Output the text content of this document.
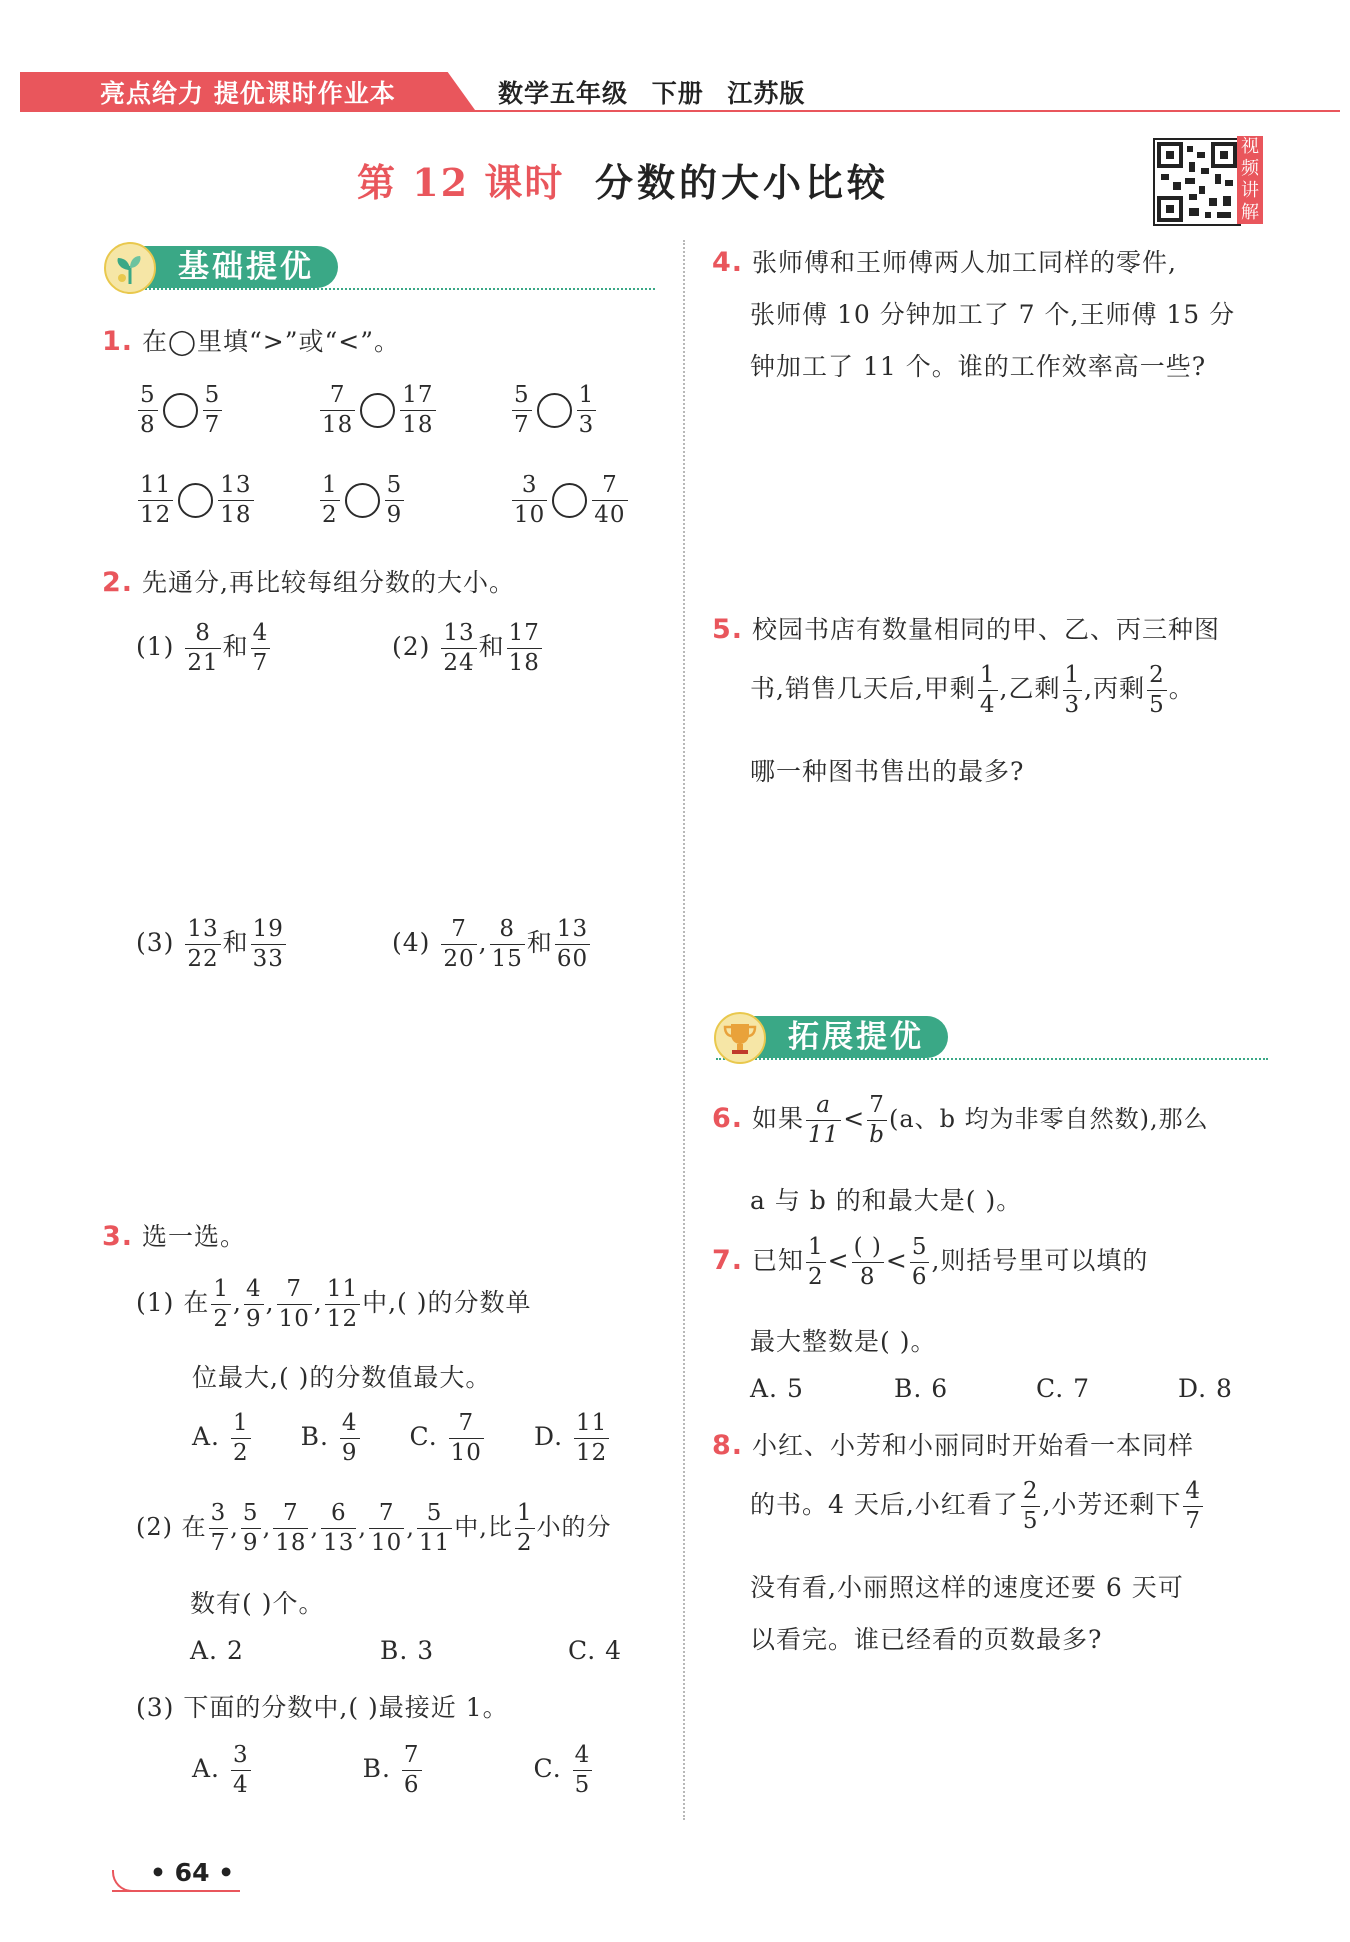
亮点给力 提优课时作业本	数学五年级 下册 江苏版
第 12 课时 分数的大小比较
视频讲解
基础提优
1. 在◯里填“>”或“<”。
$\frac{5}{8} \frac{5}{7}$	$\frac{7}{18} \frac{17}{18}$	$\frac{5}{7} \frac{1}{3}$
$\frac{11}{12} \frac{13}{18}$	$\frac{1}{2} \frac{5}{9}$	$\frac{3}{10} \frac{7}{40}$
2. 先通分,再比较每组分数的大小。
$(1) \frac{8}{21}$ 和 $\frac{4}{7}$	$(2) \frac{13}{24}$ 和 $\frac{17}{18}$
$(3) \frac{13}{22}$ 和 $\frac{19}{33}$	$(4) \frac{7}{20}$ , $\frac{8}{15}$ 和 $\frac{13}{60}$
3. 选一选。
(1) 在 $\frac{1}{2}$ , $\frac{4}{9}$ , $\frac{7}{10}$ , $\frac{11}{12}$ 中,( )的分数单
位最大,( )的分数值最大。
A. $\frac{1}{2} B$. $\frac{4}{9} C$. $\frac{7}{10} D$. $\frac{11}{12}$
(2) 在 $\frac{3}{7}$ , $\frac{5}{9}$ , $\frac{7}{18}$ , $\frac{6}{13}$ , $\frac{7}{10}$ , $\frac{5}{11}$ 中,比 $\frac{1}{2}$ 小的分
数有( )个。
A. 2	B. 3	C. 4
(3) 下面的分数中,( )最接近 1。
A. $\frac{3}{4}$	B. $\frac{7}{6}$	C. $\frac{4}{5}$
4. 张师傅和王师傅两人加工同样的零件,
张师傅 10 分钟加工了 7 个,王师傅 15 分
钟加工了 11 个。谁的工作效率高一些?
5. 校园书店有数量相同的甲、乙、丙三种图
书,销售几天后,甲剩 $\frac{1}{4}$ ,乙剩 $\frac{1}{3}$ ,丙剩 $\frac{2}{5}$ 。
哪一种图书售出的最多?
拓展提优
6. 如果 $\frac{a}{11} < \frac{7}{b} (a$、b 均为非零自然数),那么
a 与 b 的和最大是( )。
7. 已知 $\frac{1}{2}$ < ( )
8
< $\frac{5}{6}$ ,则括号里可以填的
最大整数是( )。
A. 5	B. 6	C. 7	D. 8
8. 小红、小芳和小丽同时开始看一本同样
的书。4 天后,小红看了 $\frac{2}{5}$ ,小芳还剩下 $\frac{4}{7}$
没有看,小丽照这样的速度还要 6 天可
以看完。谁已经看的页数最多?
• 64 •
